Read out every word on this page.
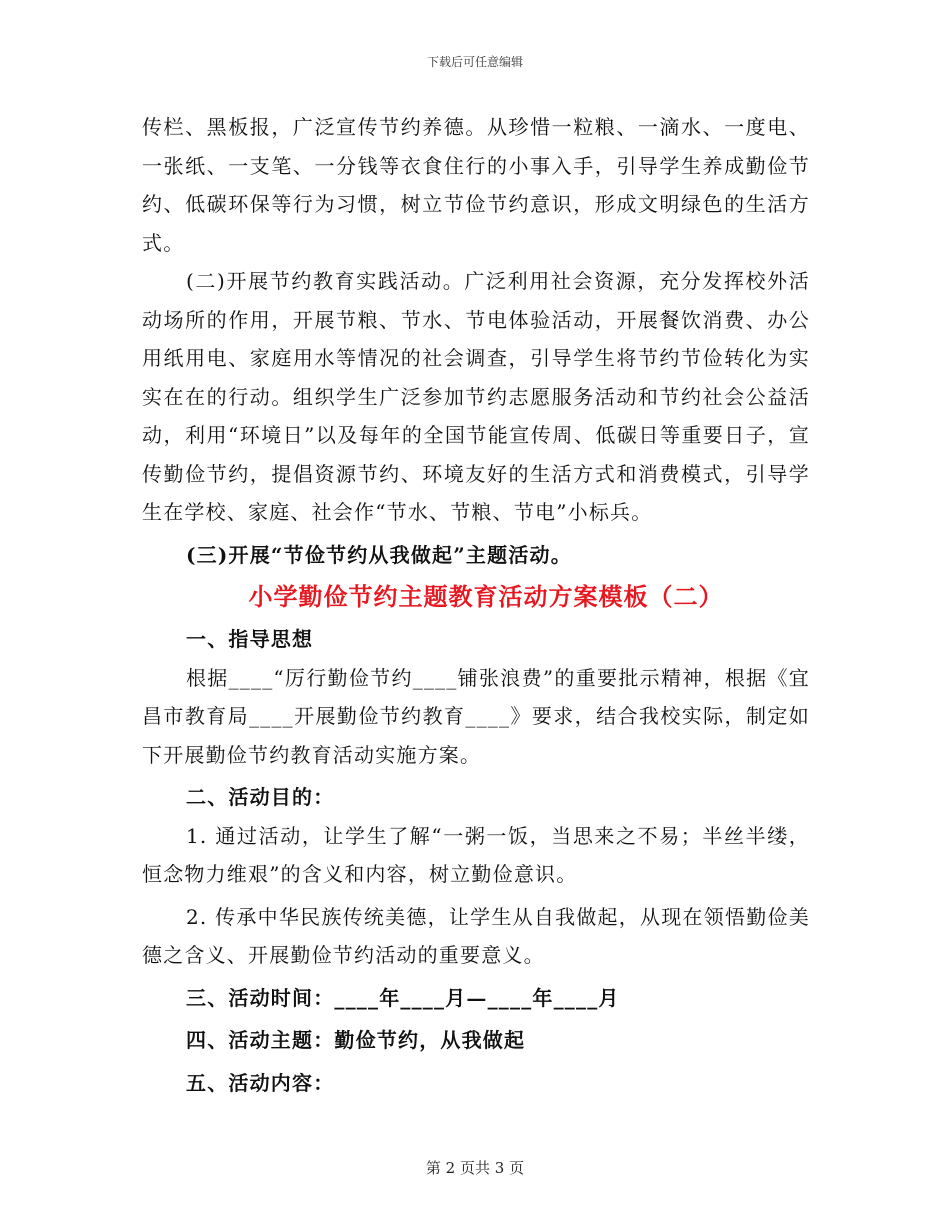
下载后可任意编辑

传栏、黑板报，广泛宣传节约养德。从珍惜一粒粮、一滴水、一度电、一张纸、一支笔、一分钱等衣食住行的小事入手，引导学生养成勤俭节约、低碳环保等行为习惯，树立节俭节约意识，形成文明绿色的生活方式。

(二)开展节约教育实践活动。广泛利用社会资源，充分发挥校外活动场所的作用，开展节粮、节水、节电体验活动，开展餐饮消费、办公用纸用电、家庭用水等情况的社会调查，引导学生将节约节俭转化为实实在在的行动。组织学生广泛参加节约志愿服务活动和节约社会公益活动，利用“环境日”以及每年的全国节能宣传周、低碳日等重要日子，宣传勤俭节约，提倡资源节约、环境友好的生活方式和消费模式，引导学生在学校、家庭、社会作“节水、节粮、节电”小标兵。

(三)开展“节俭节约从我做起”主题活动。

小学勤俭节约主题教育活动方案模板（二）

一、指导思想

根据____“厉行勤俭节约____铺张浪费”的重要批示精神，根据《宜昌市教育局____开展勤俭节约教育____》要求，结合我校实际，制定如下开展勤俭节约教育活动实施方案。

二、活动目的：

1. 通过活动，让学生了解“一粥一饭，当思来之不易；半丝半缕，恒念物力维艰”的含义和内容，树立勤俭意识。

2. 传承中华民族传统美德，让学生从自我做起，从现在领悟勤俭美德之含义、开展勤俭节约活动的重要意义。

三、活动时间：____年____月—____年____月

四、活动主题：勤俭节约，从我做起

五、活动内容：

第 2 页共 3 页
